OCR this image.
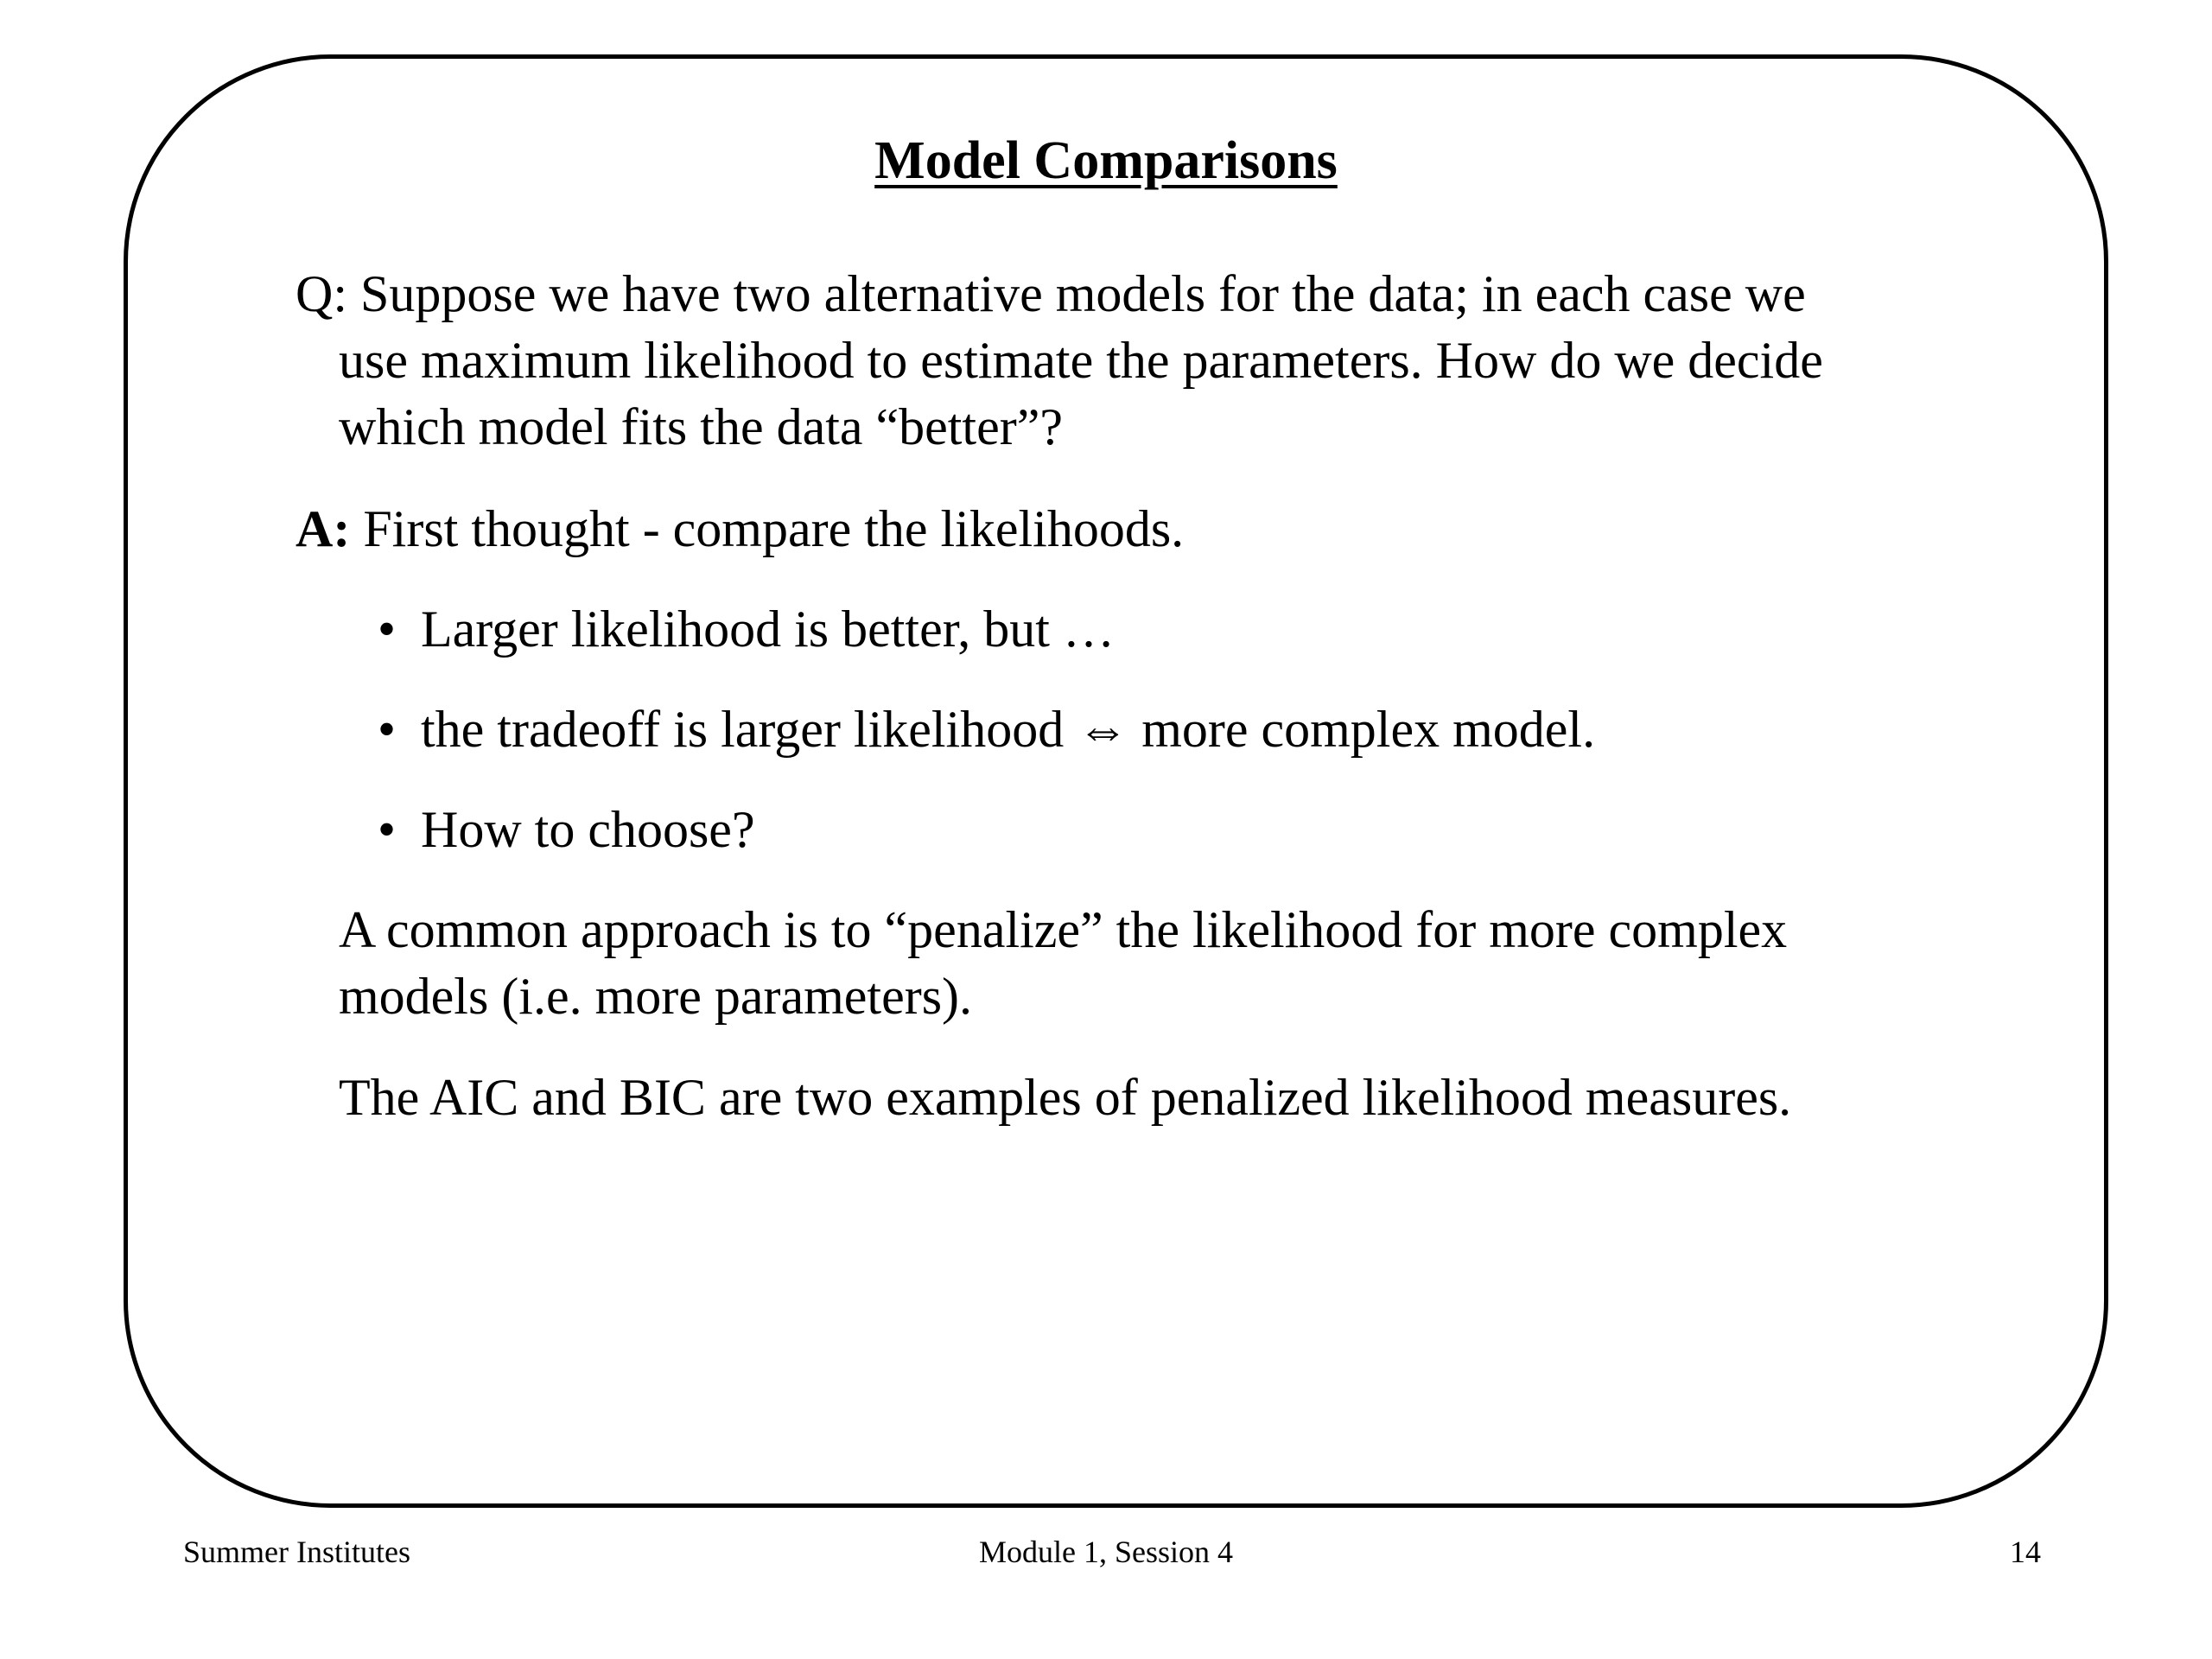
Model Comparisons
Q: Suppose we have two alternative models for the data; in each case we
use maximum likelihood to estimate the parameters. How do we decide
which model fits the data “better”?
A: First thought - compare the likelihoods.
• Larger likelihood is better, but …
• the tradeoff is larger likelihood ⇔ more complex model.
• How to choose?
A common approach is to “penalize” the likelihood for more complex
models (i.e. more parameters).
The AIC and BIC are two examples of penalized likelihood measures.
Summer Institutes	Module 1, Session 4	14
